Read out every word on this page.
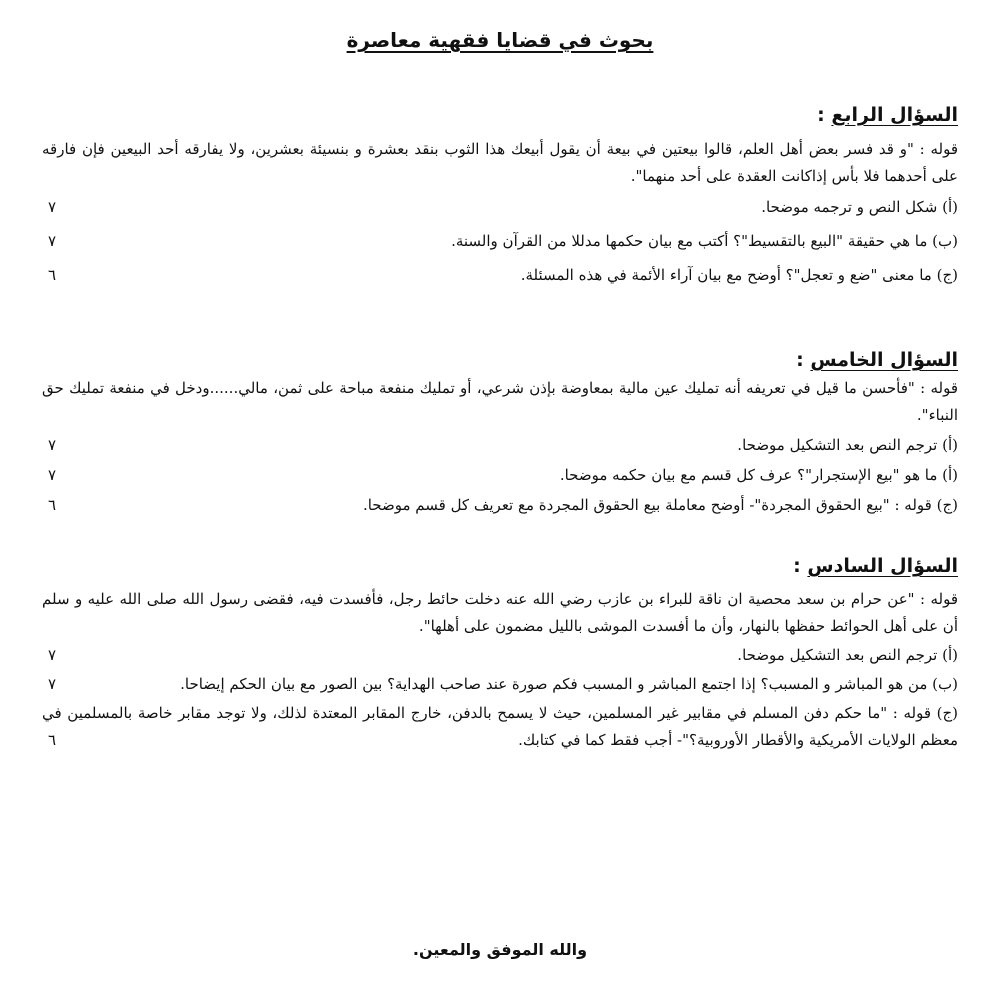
بحوث في قضايا فقهية معاصرة
السؤال الرابع :

قوله : "و قد فسر بعض أهل العلم، قالوا بيعتين في بيعة أن يقول أبيعك هذا الثوب بنقد بعشرة و بنسيئة بعشرين، ولا يفارقه أحد البيعين فإن فارقه على أحدهما فلا بأس إذاكانت العقدة على أحد منهما".

(أ) شكل النص و ترجمه موضحا.
٧
(ب) ما هي حقيقة "البيع بالتقسيط"؟ أكتب مع بيان حكمها مدللا من القرآن والسنة.
٧
(ج) ما معنى "ضع و تعجل"؟ أوضح مع بيان آراء الأئمة في هذه المسئلة.
٦
السؤال الخامس :

قوله : "فأحسن ما قيل في تعريفه أنه تمليك عين مالية بمعاوضة بإذن شرعي، أو تمليك منفعة مباحة على ثمن، مالي......ودخل في منفعة تمليك حق النباء".

(أ) ترجم النص بعد التشكيل موضحا.
٧
(أ) ما هو "بيع الإستجرار"؟ عرف كل قسم مع بيان حكمه موضحا.
٧
(ج) قوله : "بيع الحقوق المجردة"- أوضح معاملة بيع الحقوق المجردة مع تعريف كل قسم موضحا.
٦
السؤال السادس :

قوله : "عن حرام بن سعد محصية ان ناقة للبراء بن عازب رضي الله عنه دخلت حائط رجل، فأفسدت فيه، فقضى رسول الله صلى الله عليه و سلم أن على أهل الحوائط حفظها بالنهار، وأن ما أفسدت الموشى بالليل مضمون على أهلها".

(أ) ترجم النص بعد التشكيل موضحا.
٧
(ب) من هو المباشر و المسبب؟ إذا اجتمع المباشر و المسبب فكم صورة عند صاحب الهداية؟ بين الصور مع بيان الحكم إيضاحا.
٧
(ج) قوله : "ما حكم دفن المسلم في مقابير غير المسلمين، حيث لا يسمح بالدفن، خارج المقابر المعتدة لذلك، ولا توجد مقابر خاصة بالمسلمين في معظم الولايات الأمريكية والأقطار الأوروبية؟"- أجب فقط كما في كتابك.
٦
والله الموفق والمعين.
